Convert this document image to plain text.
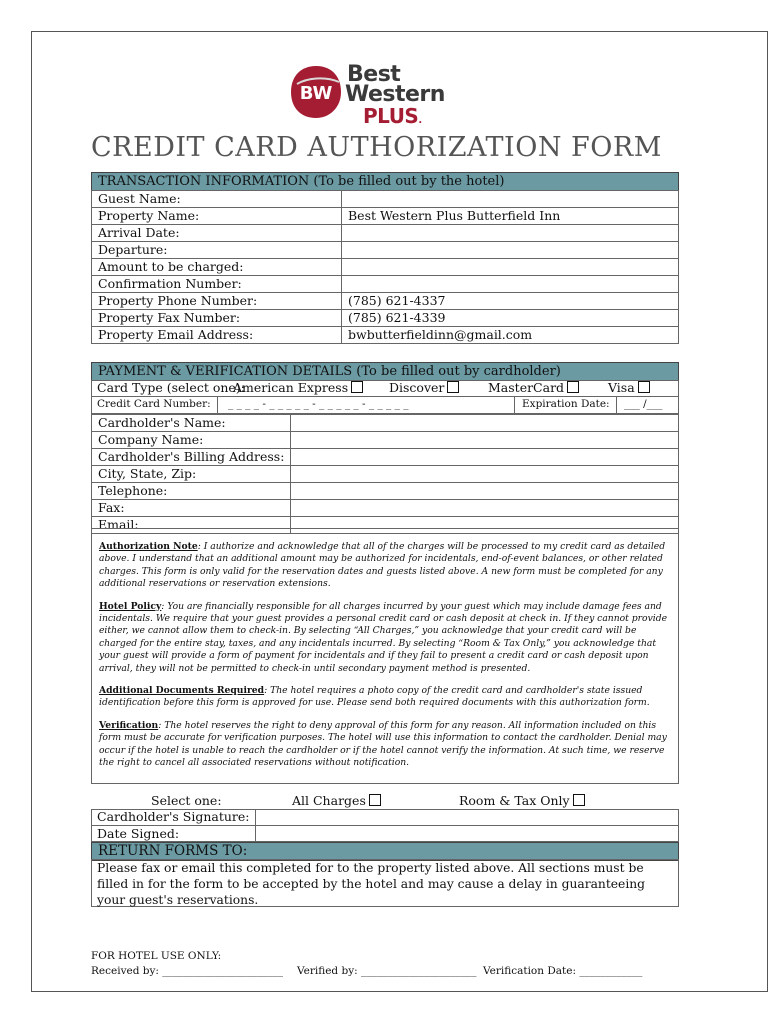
BW
Best
Western
PLUS.
CREDIT CARD AUTHORIZATION FORM
TRANSACTION INFORMATION (To be filled out by the hotel)
Guest Name:	
Property Name:	Best Western Plus Butterfield Inn
Arrival Date:	
Departure:	
Amount to be charged:	
Confirmation Number:	
Property Phone Number:	(785) 621-4337
Property Fax Number:	(785) 621-4339
Property Email Address:	bwbutterfieldinn@gmail.com
PAYMENT & VERIFICATION DETAILS (To be filled out by cardholder)
Card Type (select one):
American Express	Discover	MasterCard	Visa
Credit Card Number: _ _ _ _ - _ _ _ _ _ - _ _ _ _ _ - _ _ _ _ _	Expiration Date: ___ /___
Cardholder's Name:	
Company Name:	
Cardholder's Billing Address:	
City, State, Zip:	
Telephone:	
Fax:	
Email:	

Authorization Note: I authorize and acknowledge that all of the charges will be processed to my credit card as detailed above. I understand that an additional amount may be authorized for incidentals, end-of-event balances, or other related charges. This form is only valid for the reservation dates and guests listed above. A new form must be completed for any additional reservations or reservation extensions.

Hotel Policy: You are financially responsible for all charges incurred by your guest which may include damage fees and incidentals. We require that your guest provides a personal credit card or cash deposit at check in. If they cannot provide either, we cannot allow them to check-in. By selecting “All Charges,” you acknowledge that your credit card will be charged for the entire stay, taxes, and any incidentals incurred. By selecting “Room & Tax Only,” you acknowledge that your guest will provide a form of payment for incidentals and if they fail to present a credit card or cash deposit upon arrival, they will not be permitted to check-in until secondary payment method is presented.

Additional Documents Required: The hotel requires a photo copy of the credit card and cardholder's state issued identification before this form is approved for use. Please send both required documents with this authorization form.

Verification: The hotel reserves the right to deny approval of this form for any reason. All information included on this form must be accurate for verification purposes. The hotel will use this information to contact the cardholder. Denial may occur if the hotel is unable to reach the cardholder or if the hotel cannot verify the information. At such time, we reserve the right to cancel all associated reservations without notification.

Select one:	All Charges	Room & Tax Only
Cardholder's Signature:
Date Signed:
RETURN FORMS TO:
Please fax or email this completed for to the property listed above. All sections must be filled in for the form to be accepted by the hotel and may cause a delay in guaranteeing your guest's reservations.
FOR HOTEL USE ONLY:
Received by: _______________________ Verified by: ______________________ Verification Date: ____________
